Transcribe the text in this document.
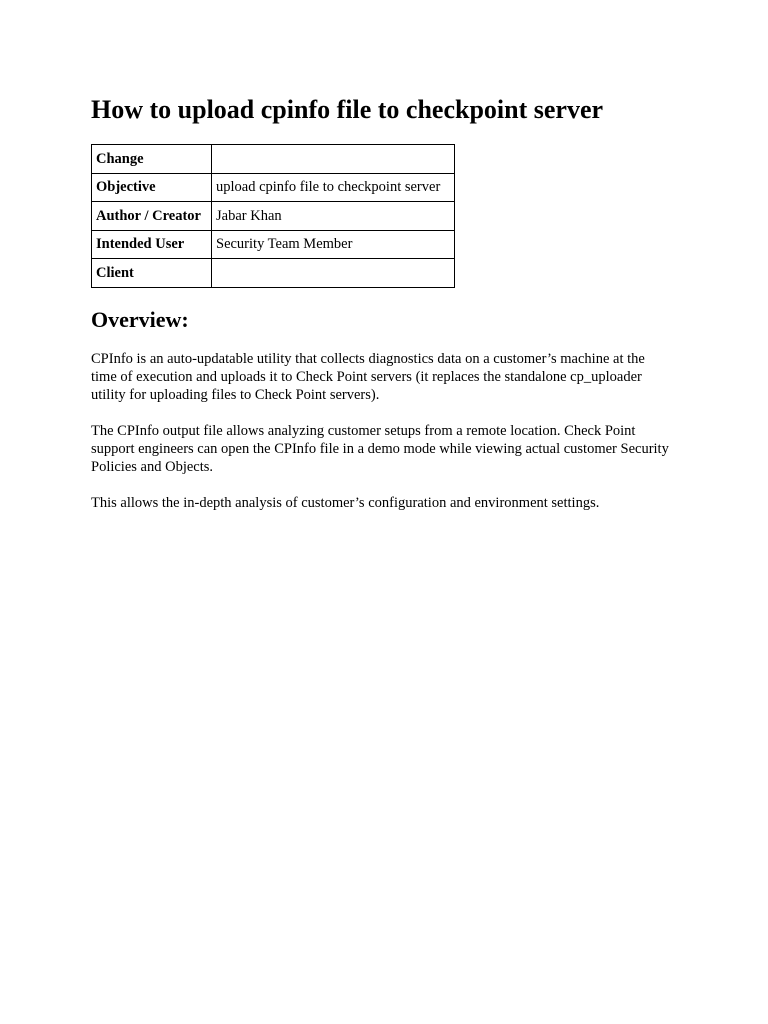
How to upload cpinfo file to checkpoint server
Change	
Objective	upload cpinfo file to checkpoint server
Author / Creator	Jabar Khan
Intended User	Security Team Member
Client	
Overview:

CPInfo is an auto-updatable utility that collects diagnostics data on a customer’s machine at the time of execution and uploads it to Check Point servers (it replaces the standalone cp_uploader utility for uploading files to Check Point servers).

The CPInfo output file allows analyzing customer setups from a remote location. Check Point support engineers can open the CPInfo file in a demo mode while viewing actual customer Security Policies and Objects.

This allows the in-depth analysis of customer’s configuration and environment settings.
